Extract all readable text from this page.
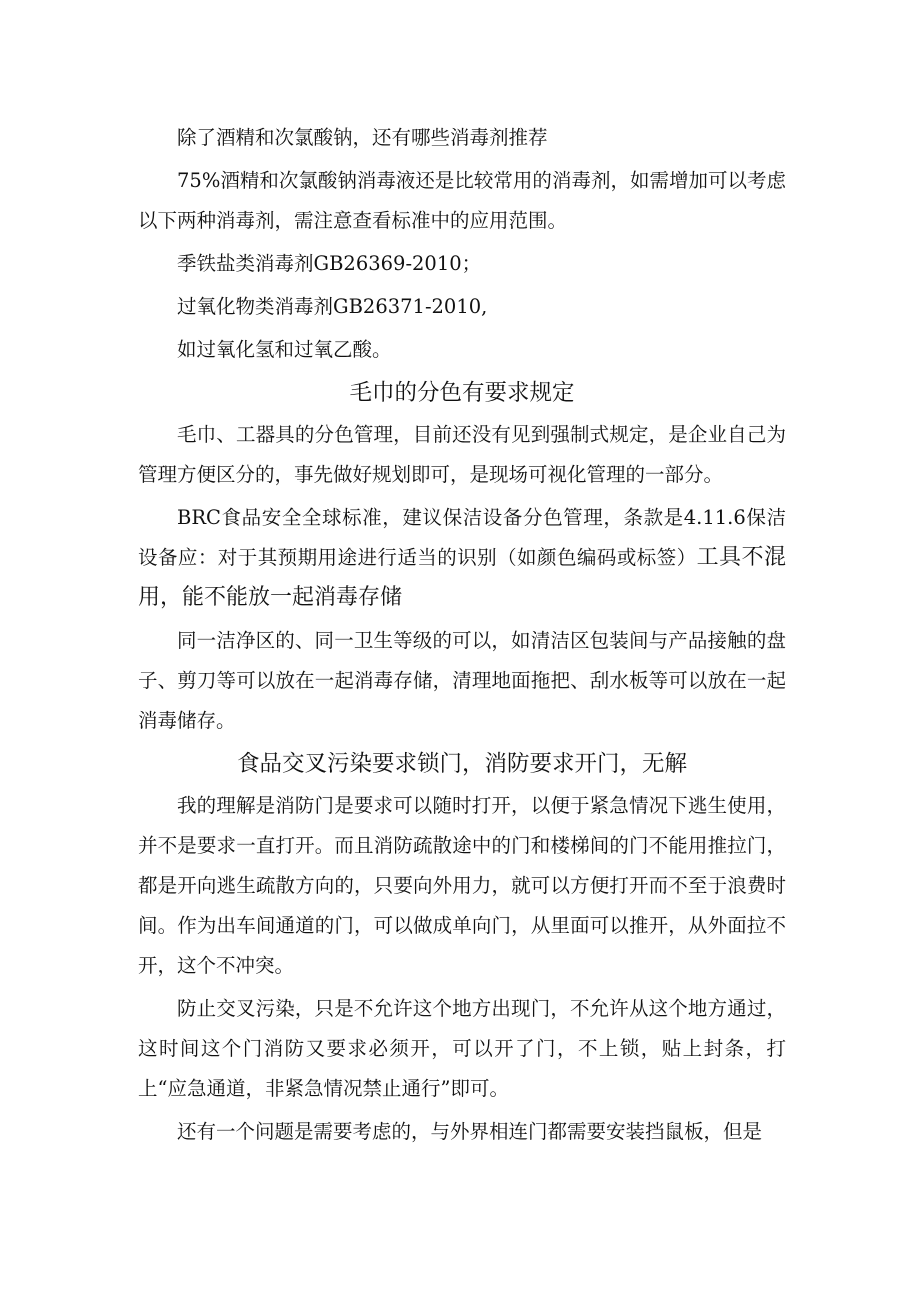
除了酒精和次氯酸钠，还有哪些消毒剂推荐

75%酒精和次氯酸钠消毒液还是比较常用的消毒剂，如需增加可以考虑以下两种消毒剂，需注意查看标准中的应用范围。

季铁盐类消毒剂GB26369-2010；

过氧化物类消毒剂GB26371-2010,

如过氧化氢和过氧乙酸。

毛巾的分色有要求规定

毛巾、工器具的分色管理，目前还没有见到强制式规定，是企业自己为管理方便区分的，事先做好规划即可，是现场可视化管理的一部分。

BRC食品安全全球标准，建议保洁设备分色管理，条款是4.11.6保洁设备应：对于其预期用途进行适当的识别（如颜色编码或标签）工具不混用，能不能放一起消毒存储

同一洁净区的、同一卫生等级的可以，如清洁区包装间与产品接触的盘子、剪刀等可以放在一起消毒存储，清理地面拖把、刮水板等可以放在一起消毒储存。

食品交叉污染要求锁门，消防要求开门，无解

我的理解是消防门是要求可以随时打开，以便于紧急情况下逃生使用，并不是要求一直打开。而且消防疏散途中的门和楼梯间的门不能用推拉门，都是开向逃生疏散方向的，只要向外用力，就可以方便打开而不至于浪费时间。作为出车间通道的门，可以做成单向门，从里面可以推开，从外面拉不开，这个不冲突。

防止交叉污染，只是不允许这个地方出现门，不允许从这个地方通过，这时间这个门消防又要求必须开，可以开了门，不上锁，贴上封条，打上“应急通道，非紧急情况禁止通行”即可。

还有一个问题是需要考虑的，与外界相连门都需要安装挡鼠板，但是
